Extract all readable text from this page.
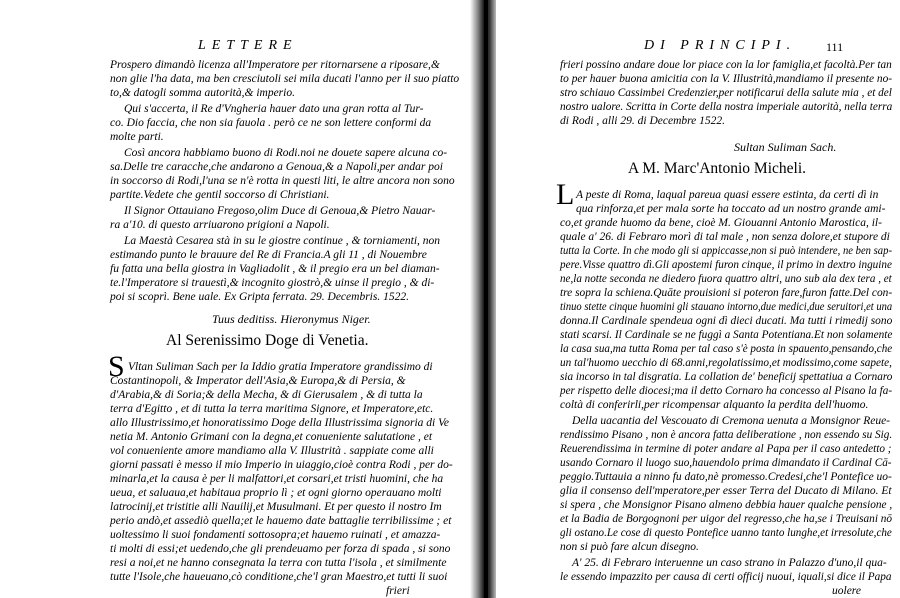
LETTERE
Prospero dimandò licenza all'Imperatore per ritornarsene a riposare,&
non glie l'ha data, ma ben cresciutoli sei mila ducati l'anno per il suo piatto
to,& datogli somma autorità,& imperio.
Qui s'accerta, il Re d'Vngheria hauer dato una gran rotta al Tur-
co. Dio faccia, che non sia fauola . però ce ne son lettere conformi da
molte parti.
Così ancora habbiamo buono di Rodi.noi ne douete sapere alcuna co-
sa.Delle tre caracche,che andarono a Genoua,& a Napoli,per andar poi
in soccorso di Rodi,l'una se n'è rotta in questi liti, le altre ancora non sono
partite.Vedete che gentil soccorso di Christiani.
Il Signor Ottauiano Fregoso,olim Duce di Genoua,& Pietro Nauar-
ra a'10. di questo arriuarono prigioni a Napoli.
La Maestà Cesarea stà in su le giostre continue , & torniamenti, non
estimando punto le brauure del Re di Francia.A gli 11 , di Nouembre
fu fatta una bella giostra in Vagliadolit , & il pregio era un bel diaman-
te.l'Imperatore si trauestì,& incognito giostrò,& uinse il pregio , & di-
poi si scoprì. Bene uale. Ex Gripta ferrata. 29. Decembris. 1522.
Tuus deditiss. Hieronymus Niger.
Al Serenissimo Doge di Venetia.
S Vltan Suliman Sach per la Iddio gratia Imperatore grandissimo di
Costantinopoli, & Imperator dell'Asia,& Europa,& di Persia, &
d'Arabia,& di Soria;& della Mecha, & di Gierusalem , & di tutta la
terra d'Egitto , et di tutta la terra maritima Signore, et Imperatore,etc.
allo Illustrissimo,et honoratissimo Doge della Illustrissima signoria di Ve
netia M. Antonio Grimani con la degna,et conueniente salutatione , et
vol conueniente amore mandiamo alla V. Illustrità . sappiate come alli
giorni passati è messo il mio Imperio in uiaggio,cioè contra Rodi , per do-
minarla,et la causa è per li malfattori,et corsari,et tristi huomini, che ha
ueua, et saluaua,et habitaua proprio lì ; et ogni giorno operauano molti
latrocinij,et tristitie alli Nauilij,et Musulmani. Et per questo il nostro Im
perio andò,et assediò quella;et le hauemo date battaglie terribilissime ; et
uoltessimo li suoi fondamenti sottosopra;et hauemo ruinati , et amazza-
ti molti di essi;et uedendo,che gli prendeuamo per forza di spada , si sono
resi a noi,et ne hanno consegnata la terra con tutta l'isola , et similmente
tutte l'Isole,che haueuano,cò conditione,che'l gran Maestro,et tutti li suoi
frieri
DI PRINCIPI. 111
frieri possino andare doue lor piace con la lor famiglia,et facoltà.Per tan
to per hauer buona amicitia con la V. Illustrità,mandiamo il presente no-
stro schiauo Cassimbei Credenzier,per notificarui della salute mia , et del
nostro ualore. Scritta in Corte della nostra imperiale autorità, nella terra
di Rodi , alli 29. di Decembre 1522.
Sultan Suliman Sach.
A M. Marc'Antonio Micheli.
L A peste di Roma, laqual pareua quasi essere estinta, da certi dì in
qua rinforza,et per mala sorte ha toccato ad un nostro grande ami-
co,et grande huomo da bene, cioè M. Giouanni Antonio Marostica, il-
quale a' 26. di Febraro morì di tal male , non senza dolore,et stupore di
tutta la Corte. In che modo gli si appiccasse,non si può intendere, ne ben sap-
pere.Visse quattro dì.Gli apostemi furon cinque, il primo in dextro inguine
ne,la notte seconda ne diedero fuora quattro altri, uno sub ala dex tera , et
tre sopra la schiena.Quāte prouisioni si poteron fare,furon fatte.Del con-
tinuo stette cinque huomini gli stauano intorno,due medici,due seruitori,et una
donna.Il Cardinale spendeua ogni dì dieci ducati. Ma tutti i rimedij sono
stati scarsi. Il Cardinale se ne fuggì a Santa Potentiana.Et non solamente
la casa sua,ma tutta Roma per tal caso s'è posta in spauento,pensando,che
un tal'huomo uecchio di 68.anni,regolatissimo,et modissimo,come sapete,
sia incorso in tal disgratia. La collation de' beneficij spettatiua a Cornaro
per rispetto delle diocesi;ma il detto Cornaro ha concesso al Pisano la fa-
coltà di conferirli,per ricompensar alquanto la perdita dell'huomo.
Della uacantia del Vescouato di Cremona uenuta a Monsignor Reue-
rendissimo Pisano , non è ancora fatta deliberatione , non essendo su Sig.
Reuerendissima in termine di poter andare al Papa per il caso antedetto ;
usando Cornaro il luogo suo,hauendolo prima dimandato il Cardinal Cā-
peggio.Tuttauia a ninno fu dato,nè promesso.Credesi,che'l Pontefice uo-
glia il consenso dell'mperatore,per esser Terra del Ducato di Milano. Et
si spera , che Monsignor Pisano almeno debbia hauer qualche pensione ,
et la Badia de Borgognoni per uigor del regresso,che ha,se i Treuisani nō
gli ostano.Le cose di questo Pontefice uanno tanto lunghe,et irresolute,che
non si può fare alcun disegno.
A' 25. di Febraro interuenne un caso strano in Palazzo d'uno,il qua-
le essendo impazzito per causa di certi officij nuoui, iquali,si dice il Papa
uolere
